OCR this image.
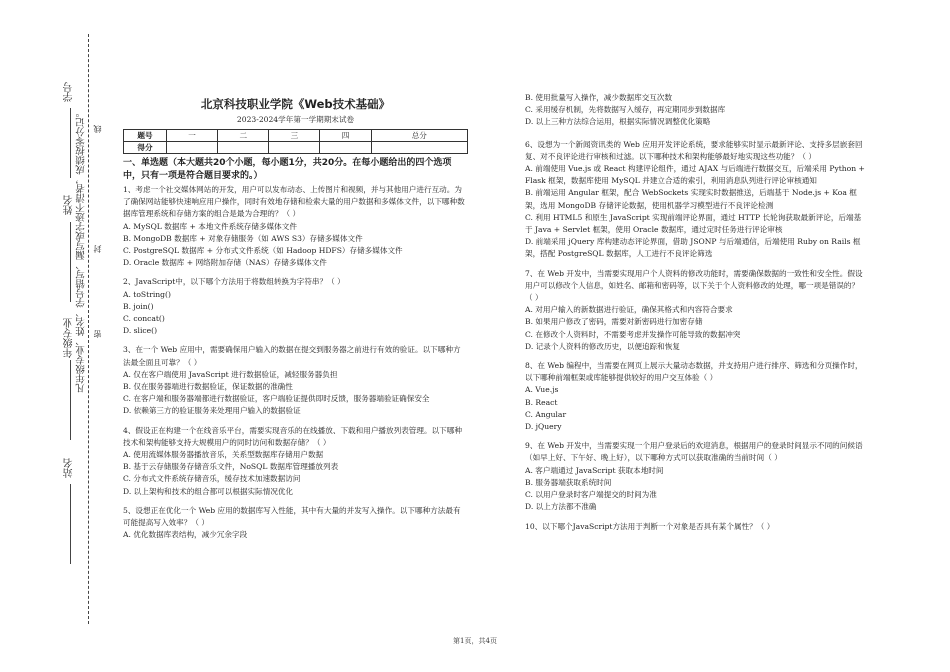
学号
姓名
年级专业
站名
凡年级专业、姓名、学号错写、漏写或字迹不清者，成绩按零分记。 密
封
线
北京科技职业学院《Web技术基础》
2023-2024学年第一学期期末试卷
题号	一	二	三	四	总分
得分					
一、单选题（本大题共20个小题，每小题1分，共20分。在每小题给出的四个选项中，只有一项是符合题目要求的。）

1、考虑一个社交媒体网站的开发，用户可以发布动态、上传图片和视频，并与其他用户进行互动。为了确保网站能够快速响应用户操作，同时有效地存储和检索大量的用户数据和多媒体文件，以下哪种数据库管理系统和存储方案的组合是最为合理的？（ ）

A. MySQL 数据库 + 本地文件系统存储多媒体文件

B. MongoDB 数据库 + 对象存储服务（如 AWS S3）存储多媒体文件

C. PostgreSQL 数据库 + 分布式文件系统（如 Hadoop HDFS）存储多媒体文件

D. Oracle 数据库 + 网络附加存储（NAS）存储多媒体文件

2、JavaScript中，以下哪个方法用于将数组转换为字符串？（ ）

A. toString()

B. join()

C. concat()

D. slice()

3、在一个 Web 应用中，需要确保用户输入的数据在提交到服务器之前进行有效的验证。以下哪种方法最全面且可靠？（ ）

A. 仅在客户端使用 JavaScript 进行数据验证，减轻服务器负担

B. 仅在服务器端进行数据验证，保证数据的准确性

C. 在客户端和服务器端都进行数据验证，客户端验证提供即时反馈，服务器端验证确保安全

D. 依赖第三方的验证服务来处理用户输入的数据验证

4、假设正在构建一个在线音乐平台，需要实现音乐的在线播放、下载和用户播放列表管理。以下哪种技术和架构能够支持大规模用户的同时访问和数据存储？（ ）

A. 使用流媒体服务器播放音乐，关系型数据库存储用户数据

B. 基于云存储服务存储音乐文件，NoSQL 数据库管理播放列表

C. 分布式文件系统存储音乐，缓存技术加速数据访问

D. 以上架构和技术的组合都可以根据实际情况优化

5、设想正在优化一个 Web 应用的数据库写入性能，其中有大量的并发写入操作。以下哪种方法最有可能提高写入效率？（ ）

A. 优化数据库表结构，减少冗余字段

B. 使用批量写入操作，减少数据库交互次数

C. 采用缓存机制，先将数据写入缓存，再定期同步到数据库

D. 以上三种方法综合运用，根据实际情况调整优化策略

6、设想为一个新闻资讯类的 Web 应用开发评论系统，要求能够实时显示最新评论、支持多层嵌套回复、对不良评论进行审核和过滤。以下哪种技术和架构能够最好地实现这些功能？（ ）

A. 前端使用 Vue.js 或 React 构建评论组件，通过 AJAX 与后端进行数据交互，后端采用 Python + Flask 框架，数据库使用 MySQL 并建立合适的索引，利用消息队列进行评论审核通知

B. 前端运用 Angular 框架，配合 WebSockets 实现实时数据推送，后端基于 Node.js + Koa 框架，选用 MongoDB 存储评论数据，使用机器学习模型进行不良评论检测

C. 利用 HTML5 和原生 JavaScript 实现前端评论界面，通过 HTTP 长轮询获取最新评论，后端基于 Java + Servlet 框架，使用 Oracle 数据库，通过定时任务进行评论审核

D. 前端采用 jQuery 库构建动态评论界面，借助 JSONP 与后端通信，后端使用 Ruby on Rails 框架，搭配 PostgreSQL 数据库，人工进行不良评论筛选

7、在 Web 开发中，当需要实现用户个人资料的修改功能时，需要确保数据的一致性和安全性。假设用户可以修改个人信息，如姓名、邮箱和密码等，以下关于个人资料修改的处理，哪一项是错误的？（ ）

A. 对用户输入的新数据进行验证，确保其格式和内容符合要求

B. 如果用户修改了密码，需要对新密码进行加密存储

C. 在修改个人资料时，不需要考虑并发操作可能导致的数据冲突

D. 记录个人资料的修改历史，以便追踪和恢复

8、在 Web 编程中，当需要在网页上展示大量动态数据，并支持用户进行排序、筛选和分页操作时，以下哪种前端框架或库能够提供较好的用户交互体验（ ）

A. Vue.js

B. React

C. Angular

D. jQuery

9、在 Web 开发中，当需要实现一个用户登录后的欢迎消息，根据用户的登录时间显示不同的问候语（如早上好、下午好、晚上好），以下哪种方式可以获取准确的当前时间（ ）

A. 客户端通过 JavaScript 获取本地时间

B. 服务器端获取系统时间

C. 以用户登录时客户端提交的时间为准

D. 以上方法都不准确

10、以下哪个JavaScript方法用于判断一个对象是否具有某个属性？（ ）

第1页，共4页
